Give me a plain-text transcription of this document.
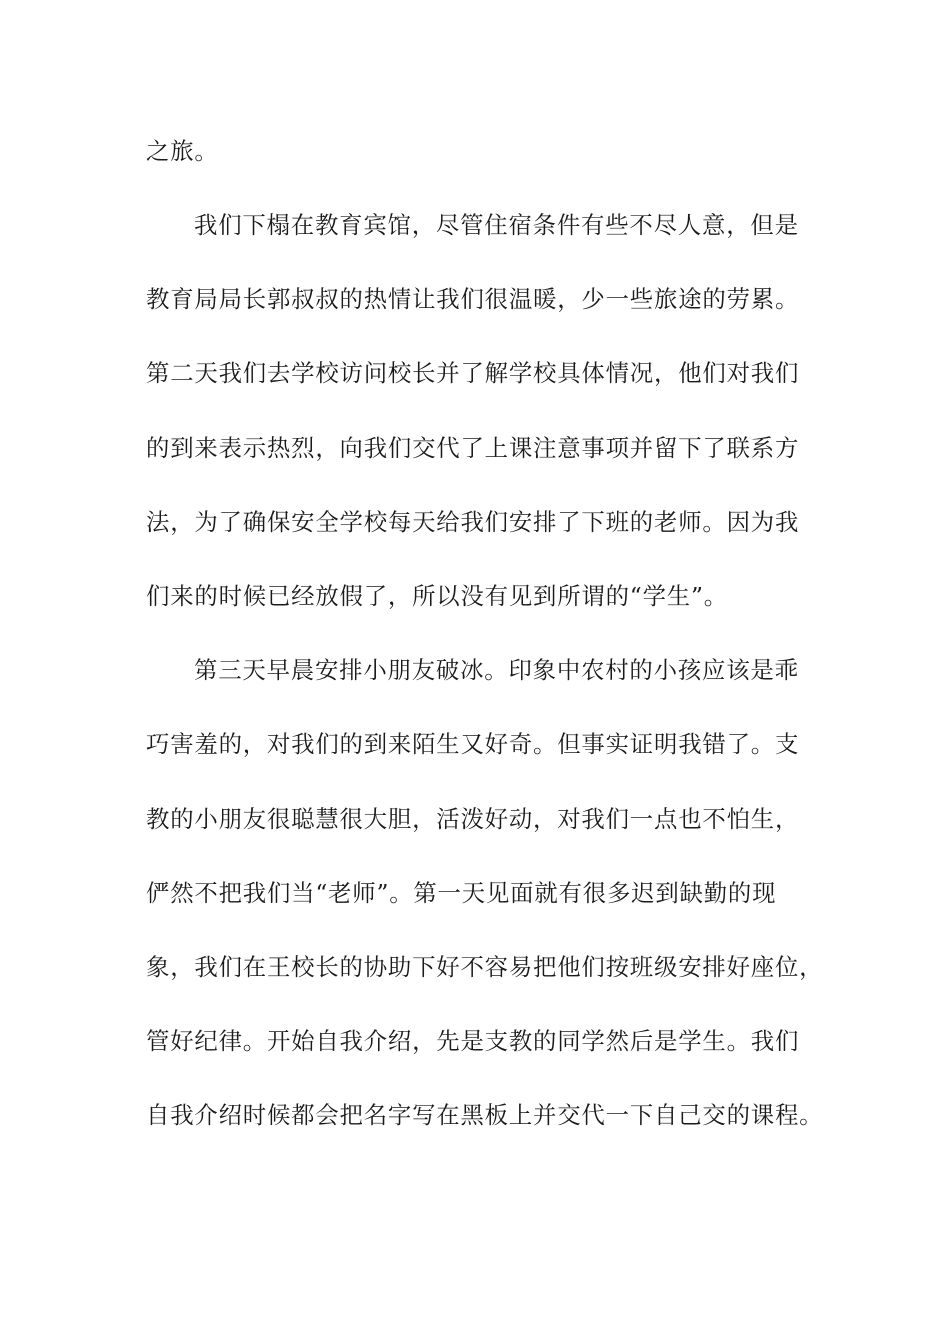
之旅。
我们下榻在教育宾馆，尽管住宿条件有些不尽人意，但是
教育局局长郭叔叔的热情让我们很温暖，少一些旅途的劳累。
第二天我们去学校访问校长并了解学校具体情况，他们对我们
的到来表示热烈，向我们交代了上课注意事项并留下了联系方
法，为了确保安全学校每天给我们安排了下班的老师。因为我
们来的时候已经放假了，所以没有见到所谓的“学生”。
第三天早晨安排小朋友破冰。印象中农村的小孩应该是乖
巧害羞的，对我们的到来陌生又好奇。但事实证明我错了。支
教的小朋友很聪慧很大胆，活泼好动，对我们一点也不怕生，
俨然不把我们当“老师”。第一天见面就有很多迟到缺勤的现
象，我们在王校长的协助下好不容易把他们按班级安排好座位，
管好纪律。开始自我介绍，先是支教的同学然后是学生。我们
自我介绍时候都会把名字写在黑板上并交代一下自己交的课程。
